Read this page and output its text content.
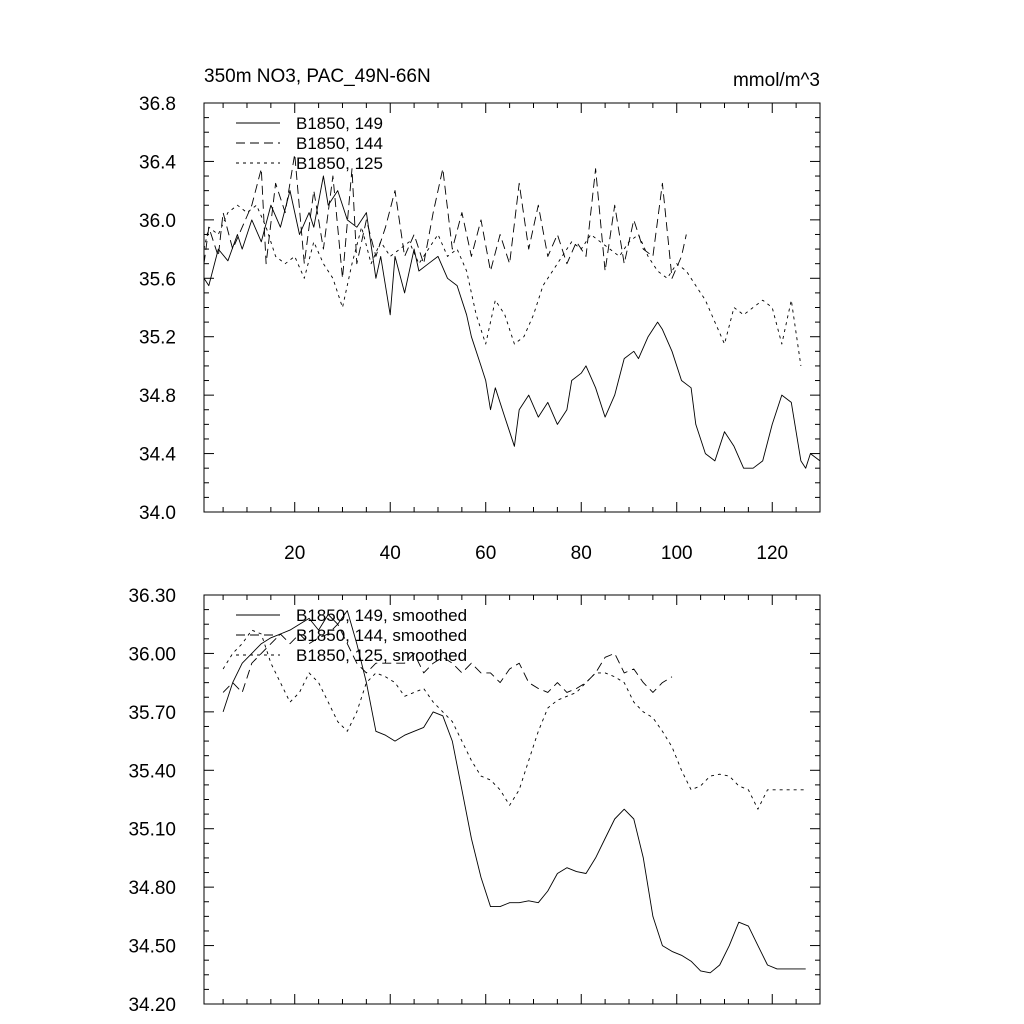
350m NO3, PAC_49N-66N	mmol/m^3
34.0
34.4
34.8
35.2
35.6
36.0
36.4
36.8
20	40	60	80	100	120
B1850, 149
B1850, 144
B1850, 125
34.20
34.50
34.80
35.10
35.40
35.70
36.00
36.30
B1850, 149, smoothed
B1850, 144, smoothed
B1850, 125, smoothed
